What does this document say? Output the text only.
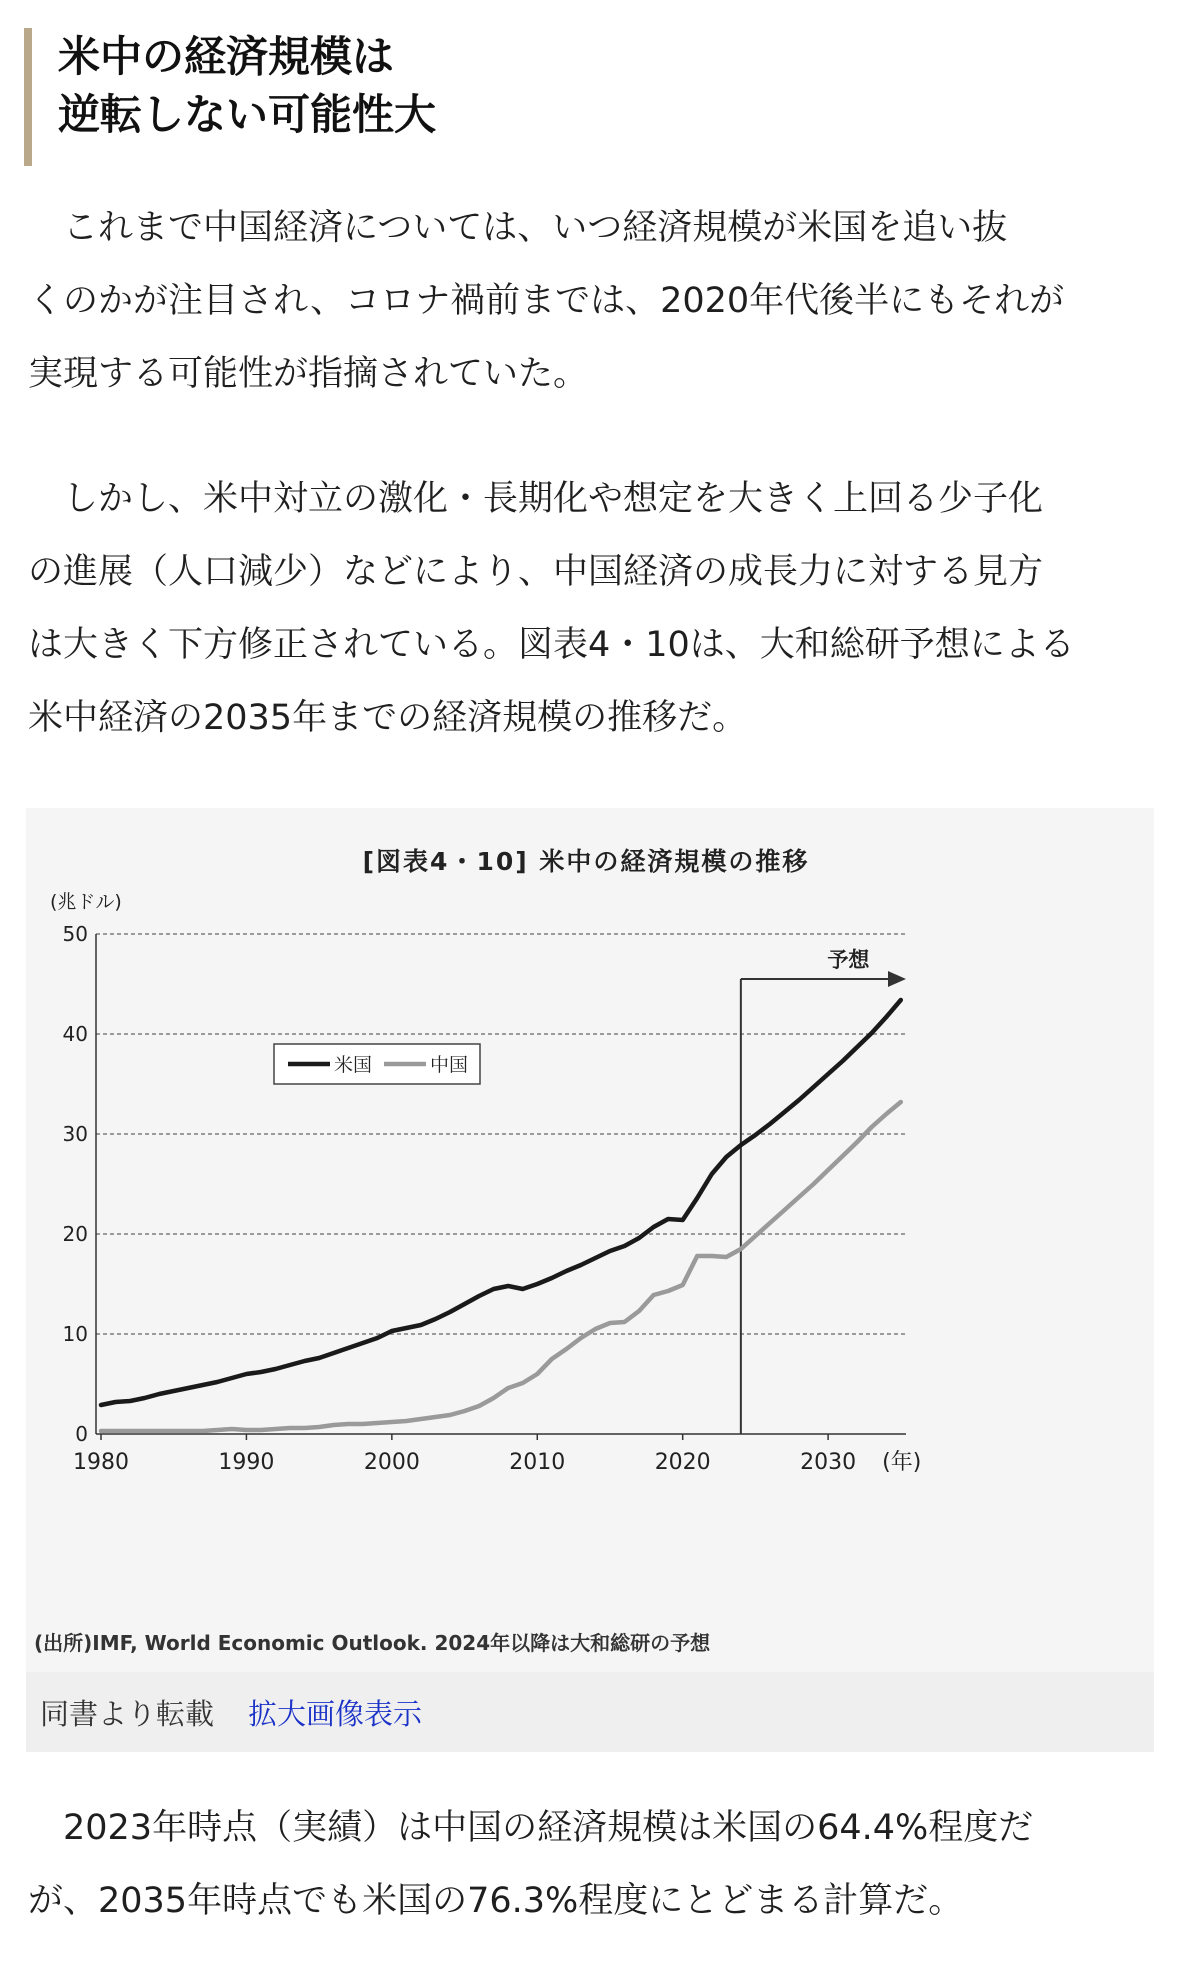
米中の経済規模は
逆転しない可能性大

　これまで中国経済については、いつ経済規模が米国を追い抜
くのかが注目され、コロナ禍前までは、2020年代後半にもそれが
実現する可能性が指摘されていた。

　しかし、米中対立の激化・長期化や想定を大きく上回る少子化
の進展（人口減少）などにより、中国経済の成長力に対する見方
は大きく下方修正されている。図表4・10は、大和総研予想による
米中経済の2035年までの経済規模の推移だ。

[図表4・10] 米中の経済規模の推移
(兆ドル)
0
10
20
30
40
50
1980	1990	2000	2010	2020	2030 (年)
予想
米国	中国
(出所)IMF, World Economic Outlook. 2024年以降は大和総研の予想
同書より転載 拡大画像表示

　2023年時点（実績）は中国の経済規模は米国の64.4%程度だ
が、2035年時点でも米国の76.3%程度にとどまる計算だ。
